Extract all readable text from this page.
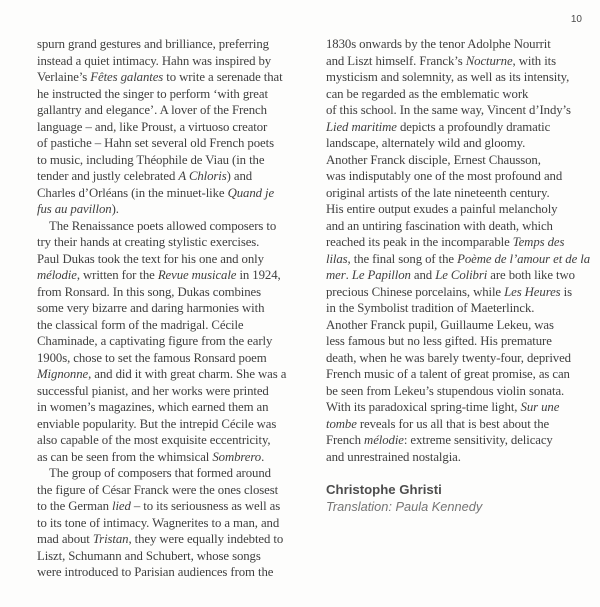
10
spurn grand gestures and brilliance, preferring
instead a quiet intimacy. Hahn was inspired by
Verlaine’s Fêtes galantes to write a serenade that
he instructed the singer to perform ‘with great
gallantry and elegance’. A lover of the French
language – and, like Proust, a virtuoso creator
of pastiche – Hahn set several old French poets
to music, including Théophile de Viau (in the
tender and justly celebrated A Chloris) and
Charles d’Orléans (in the minuet-like Quand je
fus au pavillon).
The Renaissance poets allowed composers to
try their hands at creating stylistic exercises.
Paul Dukas took the text for his one and only
mélodie, written for the Revue musicale in 1924,
from Ronsard. In this song, Dukas combines
some very bizarre and daring harmonies with
the classical form of the madrigal. Cécile
Chaminade, a captivating figure from the early
1900s, chose to set the famous Ronsard poem
Mignonne, and did it with great charm. She was a
successful pianist, and her works were printed
in women’s magazines, which earned them an
enviable popularity. But the intrepid Cécile was
also capable of the most exquisite eccentricity,
as can be seen from the whimsical Sombrero.
The group of composers that formed around
the figure of César Franck were the ones closest
to the German lied – to its seriousness as well as
to its tone of intimacy. Wagnerites to a man, and
mad about Tristan, they were equally indebted to
Liszt, Schumann and Schubert, whose songs
were introduced to Parisian audiences from the
1830s onwards by the tenor Adolphe Nourrit
and Liszt himself. Franck’s Nocturne, with its
mysticism and solemnity, as well as its intensity,
can be regarded as the emblematic work
of this school. In the same way, Vincent d’Indy’s
Lied maritime depicts a profoundly dramatic
landscape, alternately wild and gloomy.
Another Franck disciple, Ernest Chausson,
was indisputably one of the most profound and
original artists of the late nineteenth century.
His entire output exudes a painful melancholy
and an untiring fascination with death, which
reached its peak in the incomparable Temps des
lilas, the final song of the Poème de l’amour et de la
mer. Le Papillon and Le Colibri are both like two
precious Chinese porcelains, while Les Heures is
in the Symbolist tradition of Maeterlinck.
Another Franck pupil, Guillaume Lekeu, was
less famous but no less gifted. His premature
death, when he was barely twenty-four, deprived
French music of a talent of great promise, as can
be seen from Lekeu’s stupendous violin sonata.
With its paradoxical spring-time light, Sur une
tombe reveals for us all that is best about the
French mélodie: extreme sensitivity, delicacy
and unrestrained nostalgia.
Christophe Ghristi
Translation: Paula Kennedy
